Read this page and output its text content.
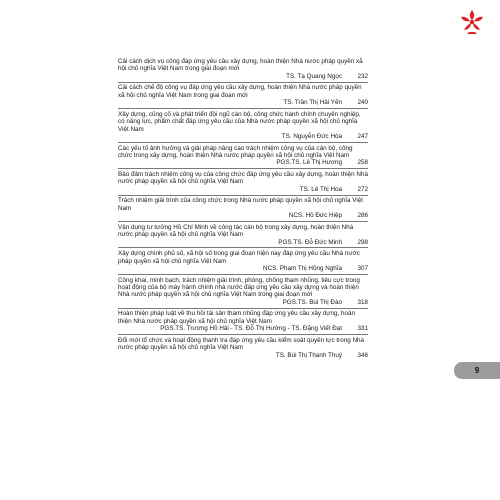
Cải cách dịch vụ công đáp ứng yêu cầu xây dựng, hoàn thiện Nhà nước pháp quyền xã hội chủ nghĩa Việt Nam trong giai đoạn mới
TS. Tạ Quang Ngọc	232
Cải cách chế độ công vụ đáp ứng yêu cầu xây dựng, hoàn thiện Nhà nước pháp quyền xã hội chủ nghĩa Việt Nam trong giai đoạn mới
TS. Trần Thị Hải Yến	240
Xây dựng, củng cố và phát triển đội ngũ cán bộ, công chức hành chính chuyên nghiệp, có năng lực, phẩm chất đáp ứng yêu cầu của Nhà nước pháp quyền xã hội chủ nghĩa Việt Nam
TS. Nguyễn Đức Hòa	247
Các yếu tố ảnh hưởng và giải pháp nâng cao trách nhiệm công vụ của cán bộ, công chức trong xây dựng, hoàn thiện Nhà nước pháp quyền xã hội chủ nghĩa Việt Nam
PGS.TS. Lê Thị Hương	258
Bảo đảm trách nhiệm công vụ của công chức đáp ứng yêu cầu xây dựng, hoàn thiện Nhà nước pháp quyền xã hội chủ nghĩa Việt Nam
TS. Lê Thị Hoa	272
Trách nhiệm giải trình của công chức trong Nhà nước pháp quyền xã hội chủ nghĩa Việt Nam
NCS. Hồ Đức Hiệp	286
Vận dụng tư tưởng Hồ Chí Minh về công tác cán bộ trong xây dựng, hoàn thiện Nhà nước pháp quyền xã hội chủ nghĩa Việt Nam
PGS.TS. Đỗ Đức Minh	298
Xây dựng chính phủ số, xã hội số trong giai đoạn hiện nay đáp ứng yêu cầu Nhà nước pháp quyền xã hội chủ nghĩa Việt Nam
NCS. Phạm Thị Hồng Nghĩa	307
Công khai, minh bạch, trách nhiệm giải trình, phòng, chống tham nhũng, tiêu cực trong hoạt động của bộ máy hành chính nhà nước đáp ứng yêu cầu xây dựng và hoàn thiện Nhà nước pháp quyền xã hội chủ nghĩa Việt Nam trong giai đoạn mới
PGS.TS. Bùi Thị Đào	318
Hoàn thiện pháp luật về thu hồi tài sản tham nhũng đáp ứng yêu cầu xây dựng, hoàn thiện Nhà nước pháp quyền xã hội chủ nghĩa Việt Nam
PGS.TS. Trương Hồ Hải - TS. Đỗ Thị Hường - TS. Đặng Viết Đạt	331
Đổi mới tổ chức và hoạt động thanh tra đáp ứng yêu cầu kiểm soát quyền lực trong Nhà nước pháp quyền xã hội chủ nghĩa Việt Nam
TS. Bùi Thị Thanh Thuý	346
9
